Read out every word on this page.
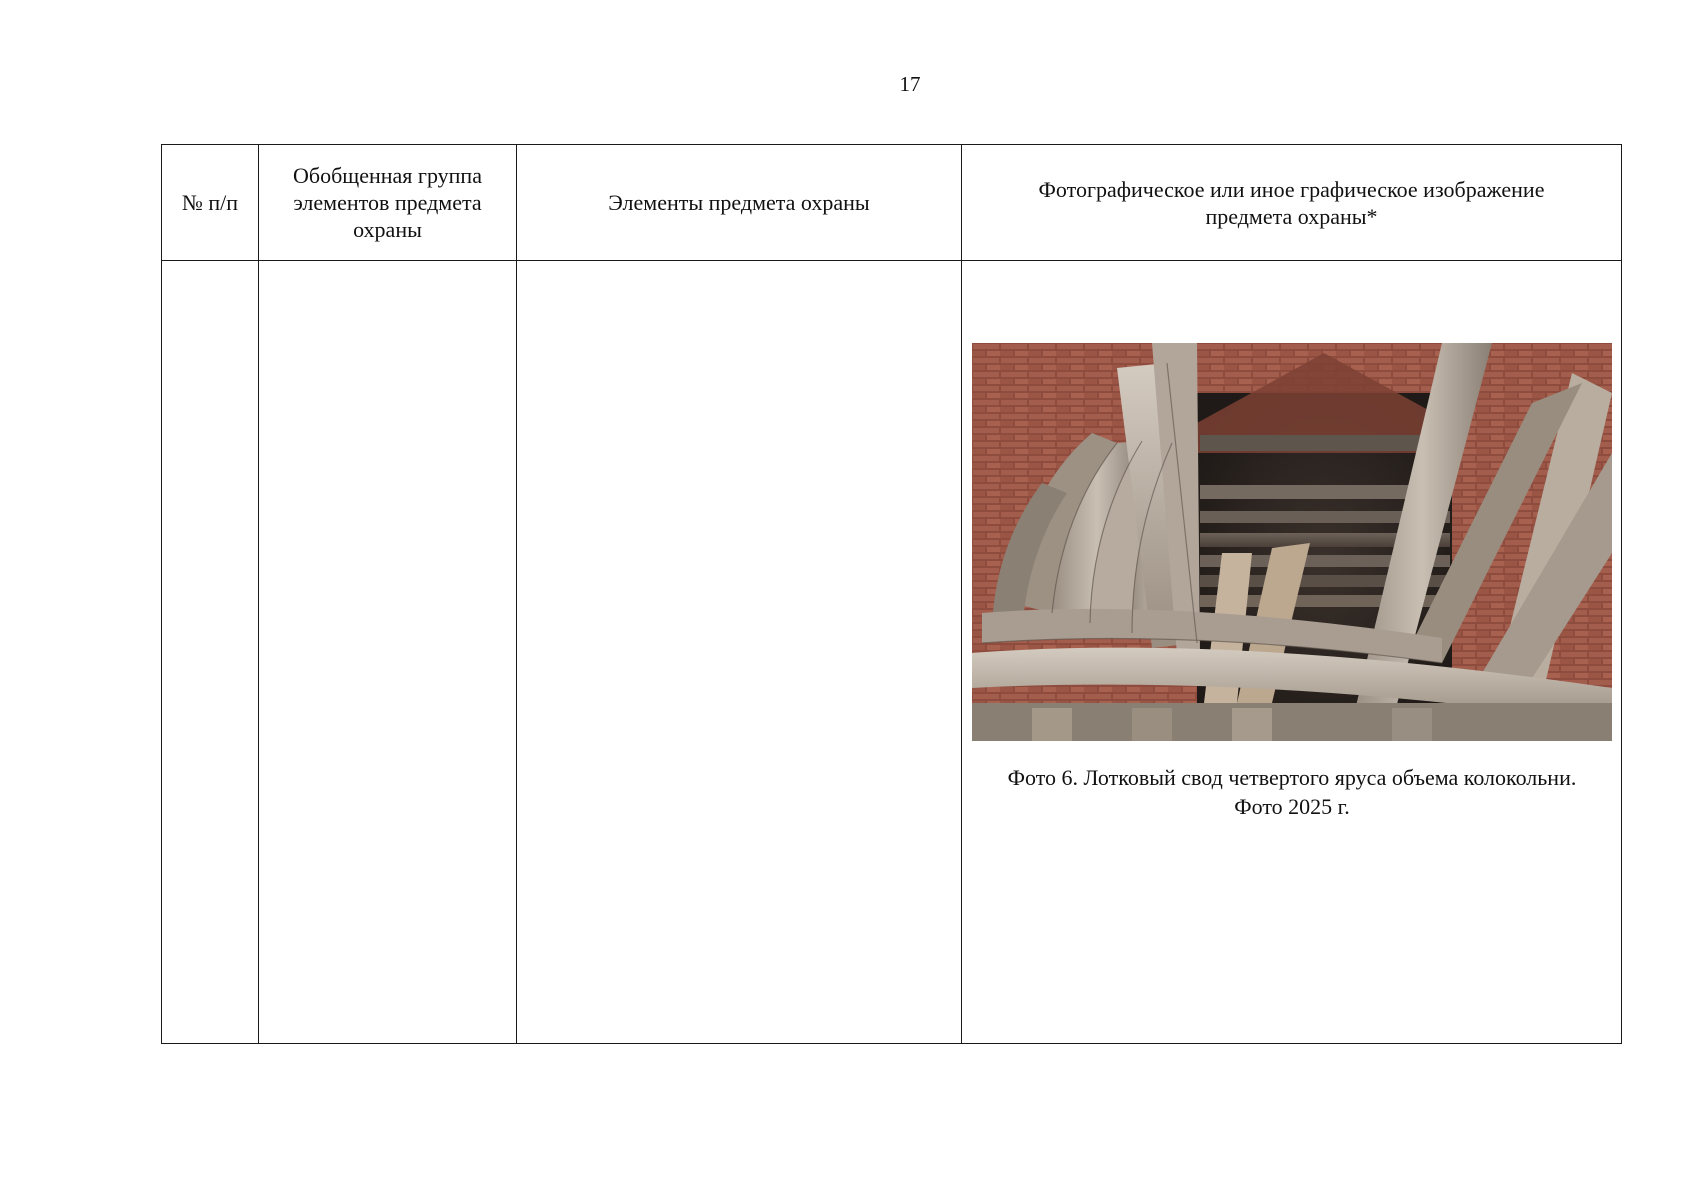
17
№ п/п	Обобщенная группа элементов предмета охраны	Элементы предмета охраны	Фотографическое или иное графическое изображение предмета охраны*

			Фото 6. Лотковый свод четвертого яруса объема колокольни.
Фото 2025 г.
